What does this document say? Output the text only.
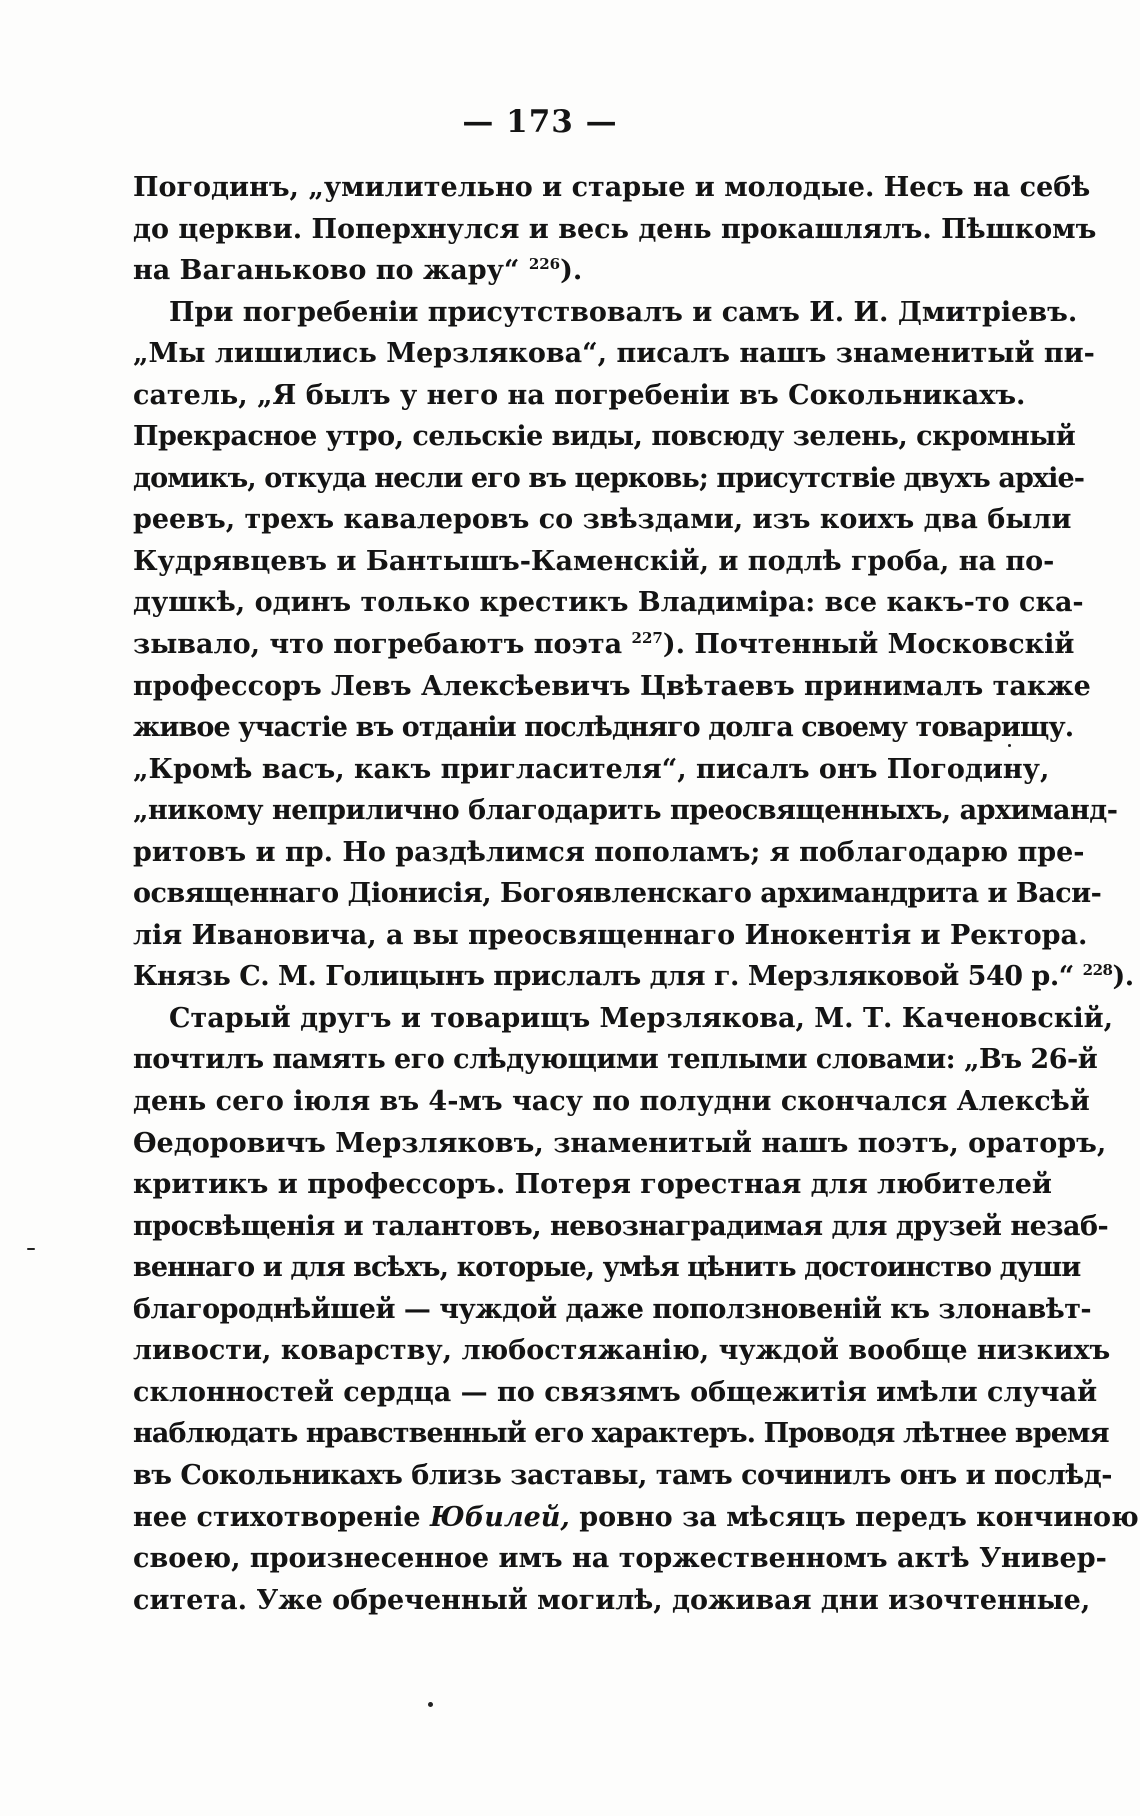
— 173 —
Погодинъ, „умилительно и старые и молодые. Несъ на себѣ
до церкви. Поперхнулся и весь день прокашлялъ. Пѣшкомъ
на Ваганьково по жару“ $^{226}$).
При погребеніи присутствовалъ и самъ И. И. Дмитріевъ.
„Мы лишились Мерзлякова“, писалъ нашъ знаменитый пи-
сатель, „Я былъ у него на погребеніи въ Сокольникахъ.
Прекрасное утро, сельскіе виды, повсюду зелень, скромный
домикъ, откуда несли его въ церковь; присутствіе двухъ архіе-
реевъ, трехъ кавалеровъ со звѣздами, изъ коихъ два были
Кудрявцевъ и Бантышъ-Каменскій, и подлѣ гроба, на по-
душкѣ, одинъ только крестикъ Владиміра: все какъ-то ска-
зывало, что погребаютъ поэта $^{227}$). Почтенный Московскій
профессоръ Левъ Алексѣевичъ Цвѣтаевъ принималъ также
живое участіе въ отданіи послѣдняго долга своему товарищу.
„Кромѣ васъ, какъ пригласителя“, писалъ онъ Погодину,
„никому неприлично благодарить преосвященныхъ, архиманд-
ритовъ и пр. Но раздѣлимся пополамъ; я поблагодарю пре-
освященнаго Діонисія, Богоявленскаго архимандрита и Васи-
лія Ивановича, а вы преосвященнаго Инокентія и Ректора.
Князь С. М. Голицынъ прислалъ для г. Мерзляковой 540 р.“ $^{228}$).
Старый другъ и товарищъ Мерзлякова, М. Т. Каченовскій,
почтилъ память его слѣдующими теплыми словами: „Въ 26-й
день сего іюля въ 4-мъ часу по полудни скончался Алексѣй
Ѳедоровичъ Мерзляковъ, знаменитый нашъ поэтъ, ораторъ,
критикъ и профессоръ. Потеря горестная для любителей
просвѣщенія и талантовъ, невознаградимая для друзей незаб-
веннаго и для всѣхъ, которые, умѣя цѣнить достоинство души
благороднѣйшей — чуждой даже поползновеній къ злонавѣт-
ливости, коварству, любостяжанію, чуждой вообще низкихъ
склонностей сердца — по связямъ общежитія имѣли случай
наблюдать нравственный его характеръ. Проводя лѣтнее время
въ Сокольникахъ близь заставы, тамъ сочинилъ онъ и послѣд-
нее стихотвореніе Юбилей, ровно за мѣсяцъ передъ кончиною
своею, произнесенное имъ на торжественномъ актѣ Универ-
ситета. Уже обреченный могилѣ, доживая дни изочтенные,
